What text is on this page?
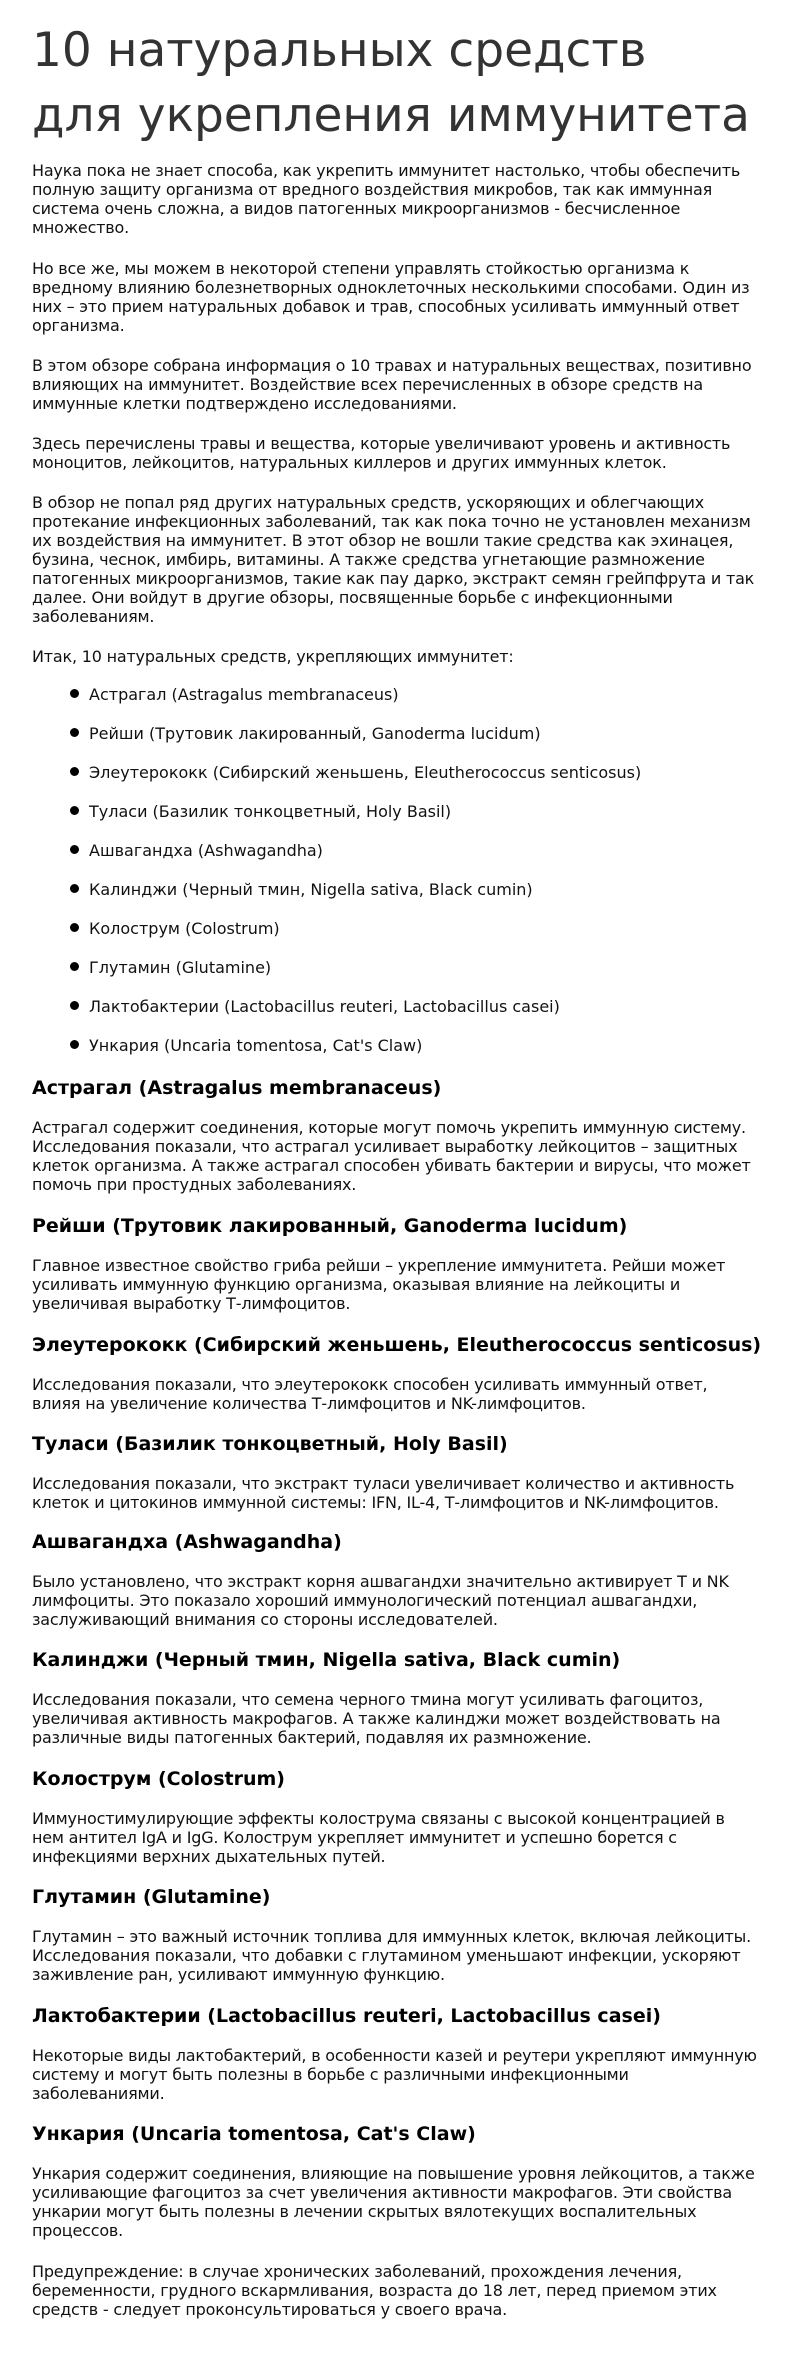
10 натуральных средств
для укрепления иммунитета

Наука пока не знает способа, как укрепить иммунитет настолько, чтобы обеспечить
полную защиту организма от вредного воздействия микробов, так как иммунная
система очень сложна, а видов патогенных микроорганизмов - бесчисленное
множество.

Но все же, мы можем в некоторой степени управлять стойкостью организма к
вредному влиянию болезнетворных одноклеточных несколькими способами. Один из
них – это прием натуральных добавок и трав, способных усиливать иммунный ответ
организма.

В этом обзоре собрана информация о 10 травах и натуральных веществах, позитивно
влияющих на иммунитет. Воздействие всех перечисленных в обзоре средств на
иммунные клетки подтверждено исследованиями.

Здесь перечислены травы и вещества, которые увеличивают уровень и активность
моноцитов, лейкоцитов, натуральных киллеров и других иммунных клеток.

В обзор не попал ряд других натуральных средств, ускоряющих и облегчающих
протекание инфекционных заболеваний, так как пока точно не установлен механизм
их воздействия на иммунитет. В этот обзор не вошли такие средства как эхинацея,
бузина, чеснок, имбирь, витамины. А также средства угнетающие размножение
патогенных микроорганизмов, такие как пау дарко, экстракт семян грейпфрута и так
далее. Они войдут в другие обзоры, посвященные борьбе с инфекционными
заболеваниям.

Итак, 10 натуральных средств, укрепляющих иммунитет:

Астрагал (Astragalus membranaceus)
Рейши (Трутовик лакированный, Ganoderma lucidum)
Элеутерококк (Сибирский женьшень, Eleutherococcus senticosus)
Туласи (Базилик тонкоцветный, Holy Basil)
Ашвагандха (Ashwagandha)
Калинджи (Черный тмин, Nigella sativa, Black cumin)
Колострум (Colostrum)
Глутамин (Glutamine)
Лактобактерии (Lactobacillus reuteri, Lactobacillus casei)
Ункария (Uncaria tomentosa, Cat's Claw)
Астрагал (Astragalus membranaceus)

Астрагал содержит соединения, которые могут помочь укрепить иммунную систему.
Исследования показали, что астрагал усиливает выработку лейкоцитов – защитных
клеток организма. А также астрагал способен убивать бактерии и вирусы, что может
помочь при простудных заболеваниях.

Рейши (Трутовик лакированный, Ganoderma lucidum)

Главное известное свойство гриба рейши – укрепление иммунитета. Рейши может
усиливать иммунную функцию организма, оказывая влияние на лейкоциты и
увеличивая выработку Т-лимфоцитов.

Элеутерококк (Сибирский женьшень, Eleutherococcus senticosus)

Исследования показали, что элеутерококк способен усиливать иммунный ответ,
влияя на увеличение количества Т-лимфоцитов и NK-лимфоцитов.

Туласи (Базилик тонкоцветный, Holy Basil)

Исследования показали, что экстракт туласи увеличивает количество и активность
клеток и цитокинов иммунной системы: IFN, IL-4, Т-лимфоцитов и NK-лимфоцитов.

Ашвагандха (Ashwagandha)

Было установлено, что экстракт корня ашвагандхи значительно активирует Т и NK
лимфоциты. Это показало хороший иммунологический потенциал ашвагандхи,
заслуживающий внимания со стороны исследователей.

Калинджи (Черный тмин, Nigella sativa, Black cumin)

Исследования показали, что семена черного тмина могут усиливать фагоцитоз,
увеличивая активность макрофагов. А также калинджи может воздействовать на
различные виды патогенных бактерий, подавляя их размножение.

Колострум (Colostrum)

Иммуностимулирующие эффекты колострума связаны с высокой концентрацией в
нем антител IgA и IgG. Колострум укрепляет иммунитет и успешно борется с
инфекциями верхних дыхательных путей.

Глутамин (Glutamine)

Глутамин – это важный источник топлива для иммунных клеток, включая лейкоциты.
Исследования показали, что добавки с глутамином уменьшают инфекции, ускоряют
заживление ран, усиливают иммунную функцию.

Лактобактерии (Lactobacillus reuteri, Lactobacillus casei)

Некоторые виды лактобактерий, в особенности казей и реутери укрепляют иммунную
систему и могут быть полезны в борьбе с различными инфекционными
заболеваниями.

Ункария (Uncaria tomentosa, Cat's Claw)

Ункария содержит соединения, влияющие на повышение уровня лейкоцитов, а также
усиливающие фагоцитоз за счет увеличения активности макрофагов. Эти свойства
ункарии могут быть полезны в лечении скрытых вялотекущих воспалительных
процессов.

Предупреждение: в случае хронических заболеваний, прохождения лечения,
беременности, грудного вскармливания, возраста до 18 лет, перед приемом этих
средств - следует проконсультироваться у своего врача.
